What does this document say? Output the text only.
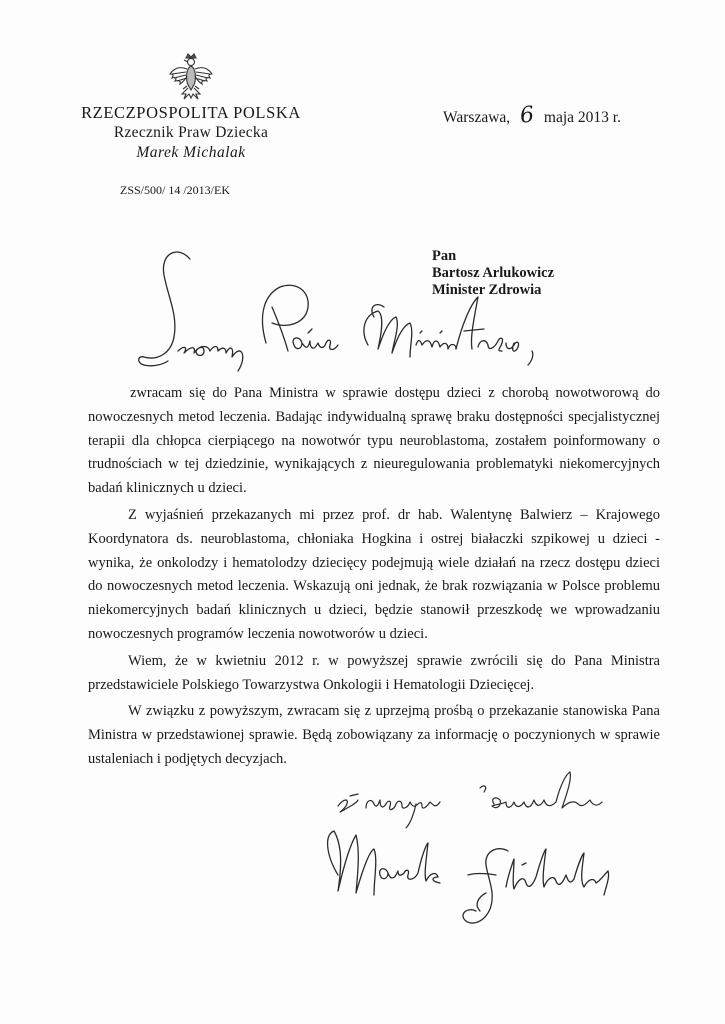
RZECZPOSPOLITA POLSKA
Rzecznik Praw Dziecka
Marek Michalak
ZSS/500/ 14 /2013/EK
Warszawa, 6 maja 2013 r.
Pan
Bartosz Arlukowicz
Minister Zdrowia

zwracam się do Pana Ministra w sprawie dostępu dzieci z chorobą nowotworową do nowoczesnych metod leczenia. Badając indywidualną sprawę braku dostępności specjalistycznej terapii dla chłopca cierpiącego na nowotwór typu neuroblastoma, zostałem poinformowany o trudnościach w tej dziedzinie, wynikających z nieuregulowania problematyki niekomercyjnych badań klinicznych u dzieci.

Z wyjaśnień przekazanych mi przez prof. dr hab. Walentynę Balwierz – Krajowego Koordynatora ds. neuroblastoma, chłoniaka Hogkina i ostrej białaczki szpikowej u dzieci - wynika, że onkolodzy i hematolodzy dziecięcy podejmują wiele działań na rzecz dostępu dzieci do nowoczesnych metod leczenia. Wskazują oni jednak, że brak rozwiązania w Polsce problemu niekomercyjnych badań klinicznych u dzieci, będzie stanowił przeszkodę we wprowadzaniu nowoczesnych programów leczenia nowotworów u dzieci.

Wiem, że w kwietniu 2012 r. w powyższej sprawie zwrócili się do Pana Ministra przedstawiciele Polskiego Towarzystwa Onkologii i Hematologii Dziecięcej.

W związku z powyższym, zwracam się z uprzejmą prośbą o przekazanie stanowiska Pana Ministra w przedstawionej sprawie. Będą zobowiązany za informację o poczynionych w sprawie ustaleniach i podjętych decyzjach.
